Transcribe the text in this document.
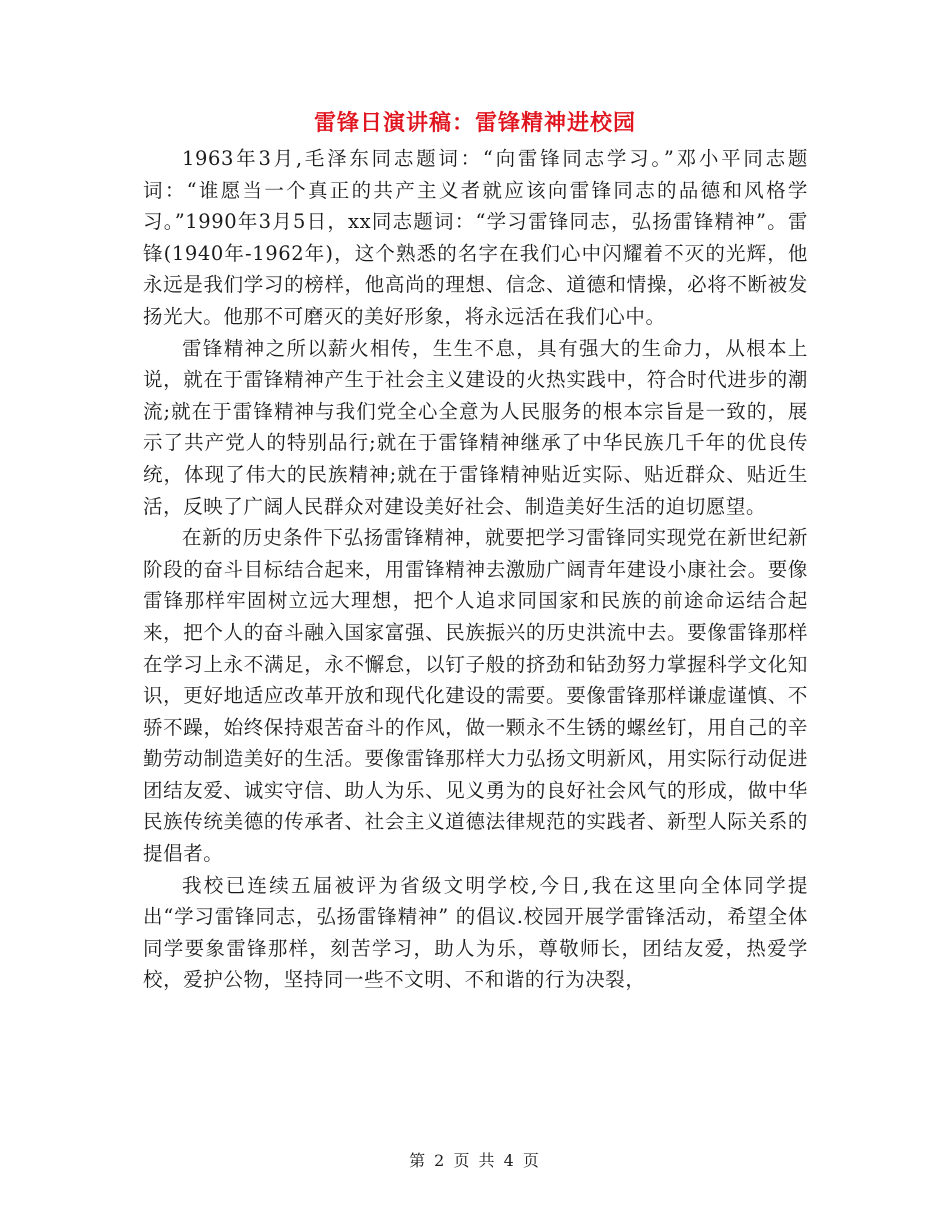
雷锋日演讲稿：雷锋精神进校园

1963年3月,毛泽东同志题词：“向雷锋同志学习。”邓小平同志题词：“谁愿当一个真正的共产主义者就应该向雷锋同志的品德和风格学习。”1990年3月5日，xx同志题词：“学习雷锋同志，弘扬雷锋精神”。雷锋(1940年-1962年)，这个熟悉的名字在我们心中闪耀着不灭的光辉，他永远是我们学习的榜样，他高尚的理想、信念、道德和情操，必将不断被发扬光大。他那不可磨灭的美好形象，将永远活在我们心中。

雷锋精神之所以薪火相传，生生不息，具有强大的生命力，从根本上说，就在于雷锋精神产生于社会主义建设的火热实践中，符合时代进步的潮流;就在于雷锋精神与我们党全心全意为人民服务的根本宗旨是一致的，展示了共产党人的特别品行;就在于雷锋精神继承了中华民族几千年的优良传统，体现了伟大的民族精神;就在于雷锋精神贴近实际、贴近群众、贴近生活，反映了广阔人民群众对建设美好社会、制造美好生活的迫切愿望。

在新的历史条件下弘扬雷锋精神，就要把学习雷锋同实现党在新世纪新阶段的奋斗目标结合起来，用雷锋精神去激励广阔青年建设小康社会。要像雷锋那样牢固树立远大理想，把个人追求同国家和民族的前途命运结合起来，把个人的奋斗融入国家富强、民族振兴的历史洪流中去。要像雷锋那样在学习上永不满足，永不懈怠，以钉子般的挤劲和钻劲努力掌握科学文化知识，更好地适应改革开放和现代化建设的需要。要像雷锋那样谦虚谨慎、不骄不躁，始终保持艰苦奋斗的作风，做一颗永不生锈的螺丝钉，用自己的辛勤劳动制造美好的生活。要像雷锋那样大力弘扬文明新风，用实际行动促进团结友爱、诚实守信、助人为乐、见义勇为的良好社会风气的形成，做中华民族传统美德的传承者、社会主义道德法律规范的实践者、新型人际关系的提倡者。

我校已连续五届被评为省级文明学校,今日,我在这里向全体同学提出“学习雷锋同志，弘扬雷锋精神” 的倡议.校园开展学雷锋活动，希望全体同学要象雷锋那样，刻苦学习，助人为乐，尊敬师长，团结友爱，热爱学校，爱护公物，坚持同一些不文明、不和谐的行为决裂，

第 2 页 共 4 页
